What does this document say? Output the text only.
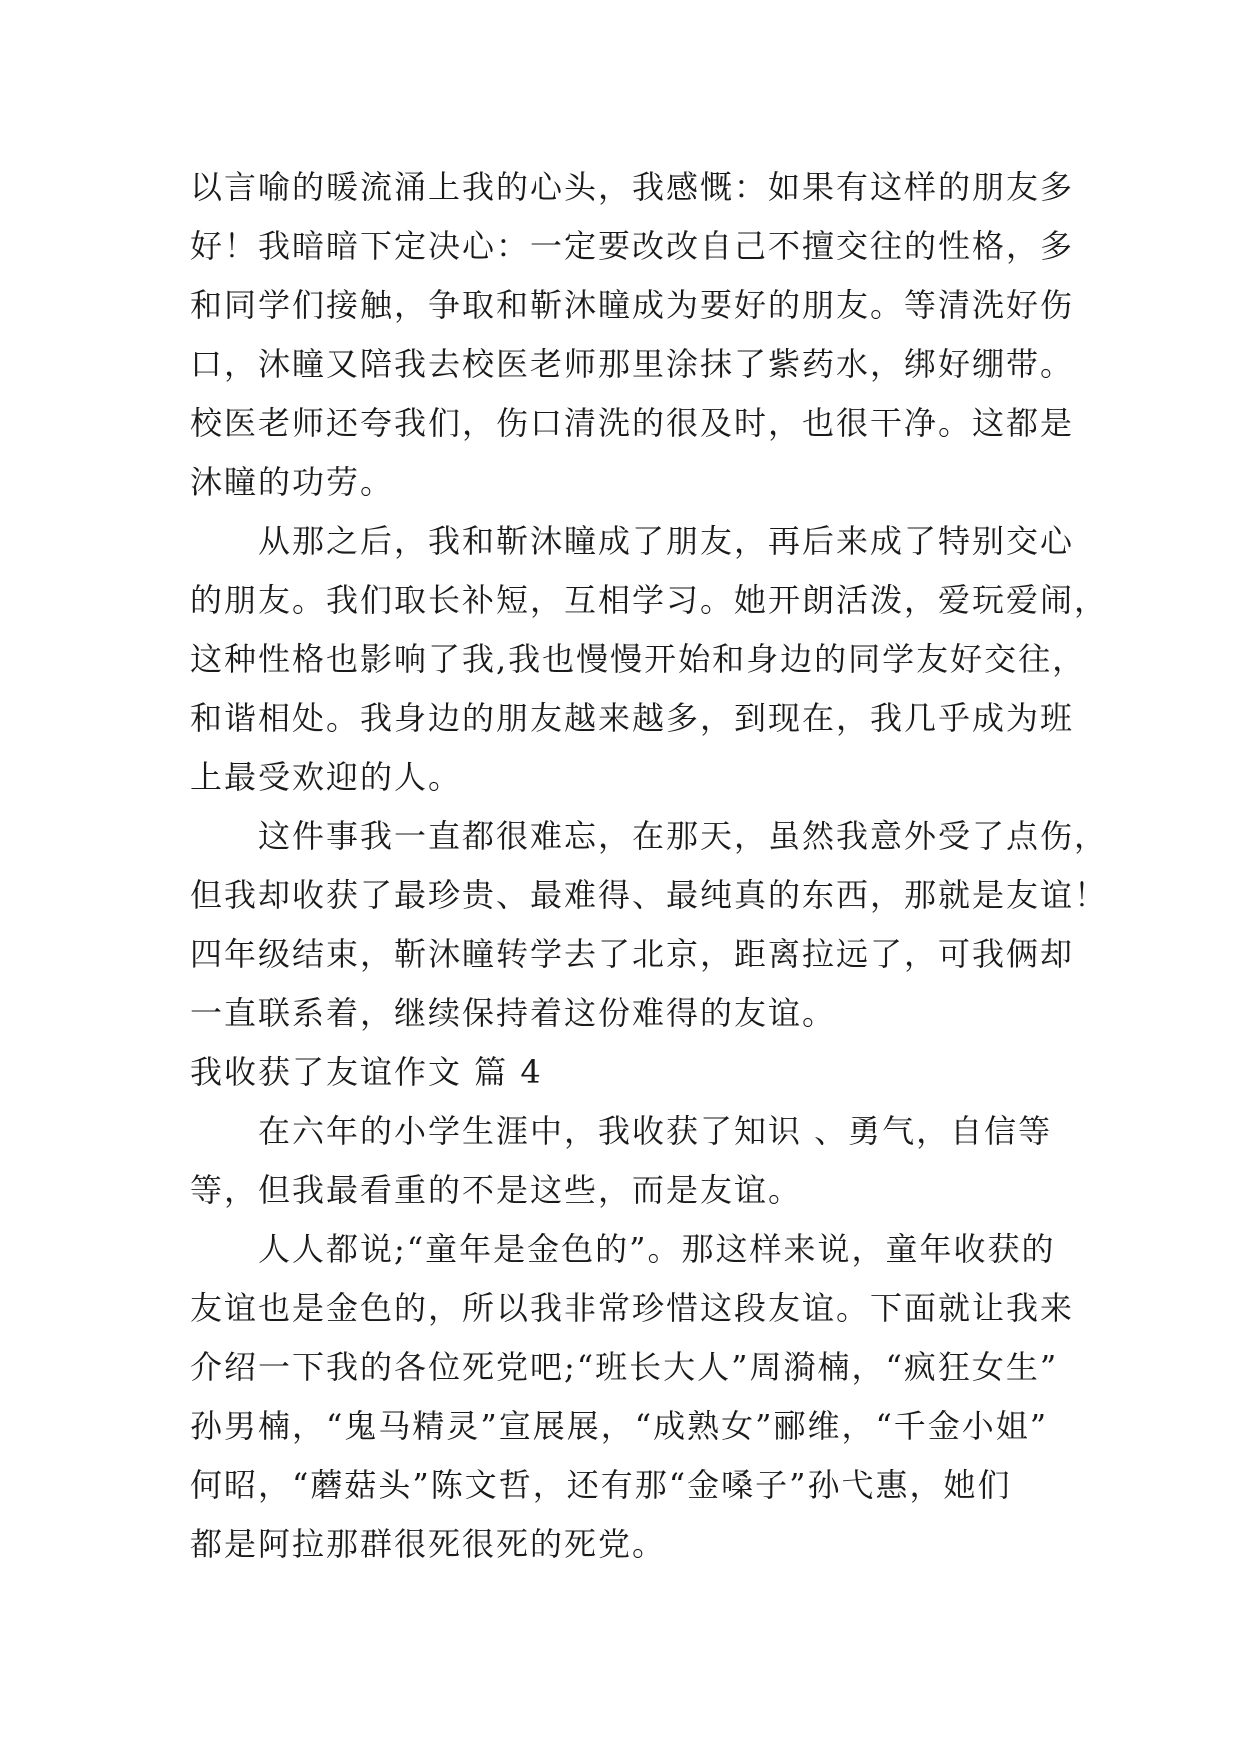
以言喻的暖流涌上我的心头，我感慨：如果有这样的朋友多
好！我暗暗下定决心：一定要改改自己不擅交往的性格，多
和同学们接触，争取和靳沐瞳成为要好的朋友。等清洗好伤
口，沐瞳又陪我去校医老师那里涂抹了紫药水，绑好绷带。
校医老师还夸我们，伤口清洗的很及时，也很干净。这都是
沐瞳的功劳。
　　从那之后，我和靳沐瞳成了朋友，再后来成了特别交心
的朋友。我们取长补短，互相学习。她开朗活泼，爱玩爱闹，
这种性格也影响了我,我也慢慢开始和身边的同学友好交往，
和谐相处。我身边的朋友越来越多，到现在，我几乎成为班
上最受欢迎的人。
　　这件事我一直都很难忘，在那天，虽然我意外受了点伤，
但我却收获了最珍贵、最难得、最纯真的东西，那就是友谊！
四年级结束，靳沐瞳转学去了北京，距离拉远了，可我俩却
一直联系着，继续保持着这份难得的友谊。
我收获了友谊作文 篇 4
　　在六年的小学生涯中，我收获了知识 、勇气，自信等
等，但我最看重的不是这些，而是友谊。
　　人人都说;“童年是金色的”。那这样来说，童年收获的
友谊也是金色的，所以我非常珍惜这段友谊。下面就让我来
介绍一下我的各位死党吧;“班长大人”周漪楠，“疯狂女生”
孙男楠，“鬼马精灵”宣展展，“成熟女”郦维，“千金小姐”
何昭，“蘑菇头”陈文哲，还有那“金嗓子”孙弋惠，她们
都是阿拉那群很死很死的死党。
